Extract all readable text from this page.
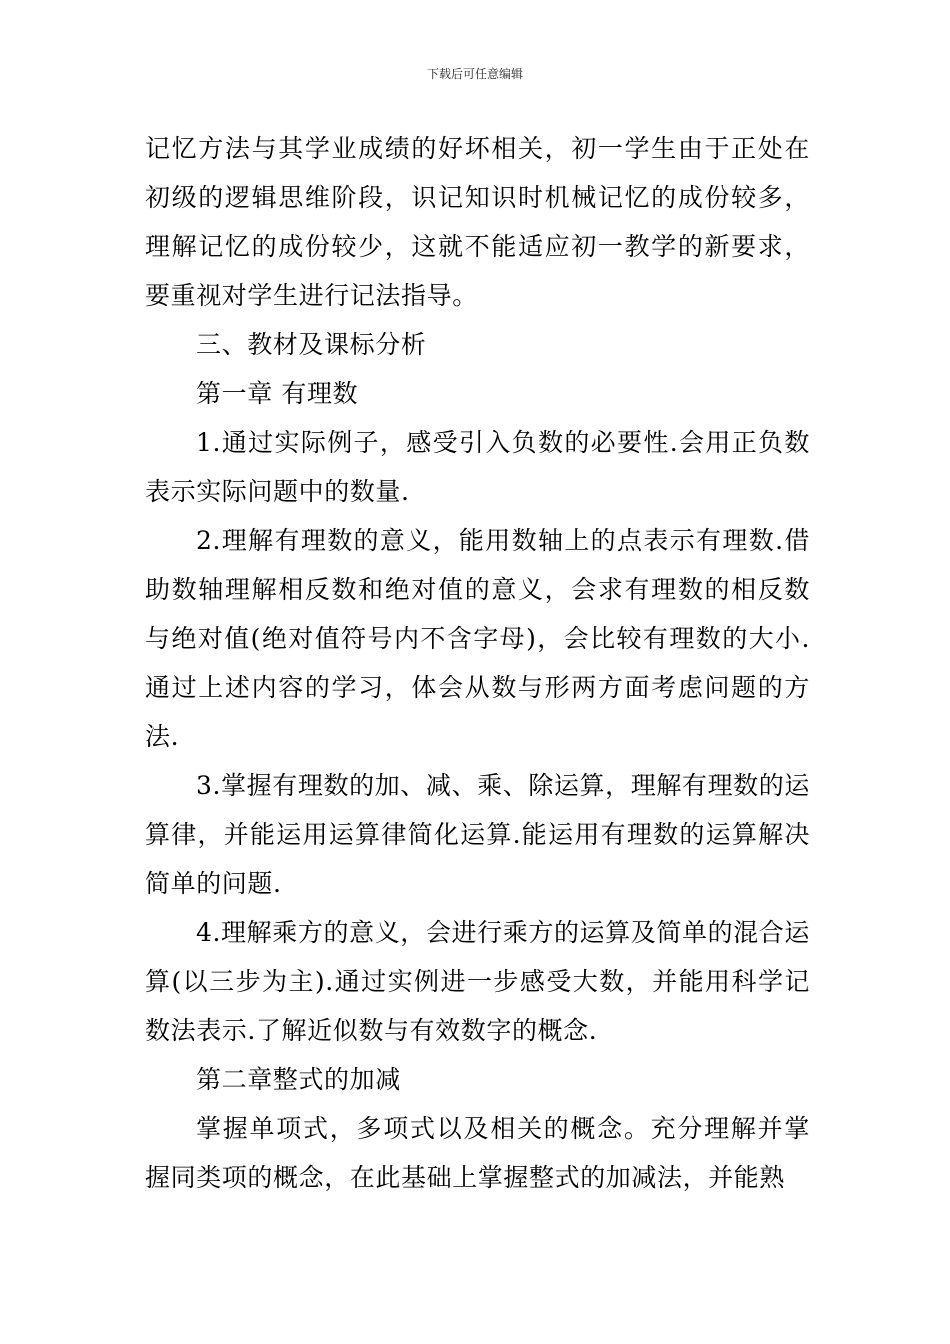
下载后可任意编辑

记忆方法与其学业成绩的好坏相关，初一学生由于正处在初级的逻辑思维阶段，识记知识时机械记忆的成份较多，理解记忆的成份较少，这就不能适应初一教学的新要求，要重视对学生进行记法指导。

三、教材及课标分析

第一章 有理数

1.通过实际例子，感受引入负数的必要性.会用正负数表示实际问题中的数量.

2.理解有理数的意义，能用数轴上的点表示有理数.借助数轴理解相反数和绝对值的意义，会求有理数的相反数与绝对值(绝对值符号内不含字母)，会比较有理数的大小.通过上述内容的学习，体会从数与形两方面考虑问题的方法.

3.掌握有理数的加、减、乘、除运算，理解有理数的运算律，并能运用运算律简化运算.能运用有理数的运算解决简单的问题.

4.理解乘方的意义，会进行乘方的运算及简单的混合运算(以三步为主).通过实例进一步感受大数，并能用科学记数法表示.了解近似数与有效数字的概念.

第二章整式的加减

掌握单项式，多项式以及相关的概念。充分理解并掌握同类项的概念，在此基础上掌握整式的加减法，并能熟
